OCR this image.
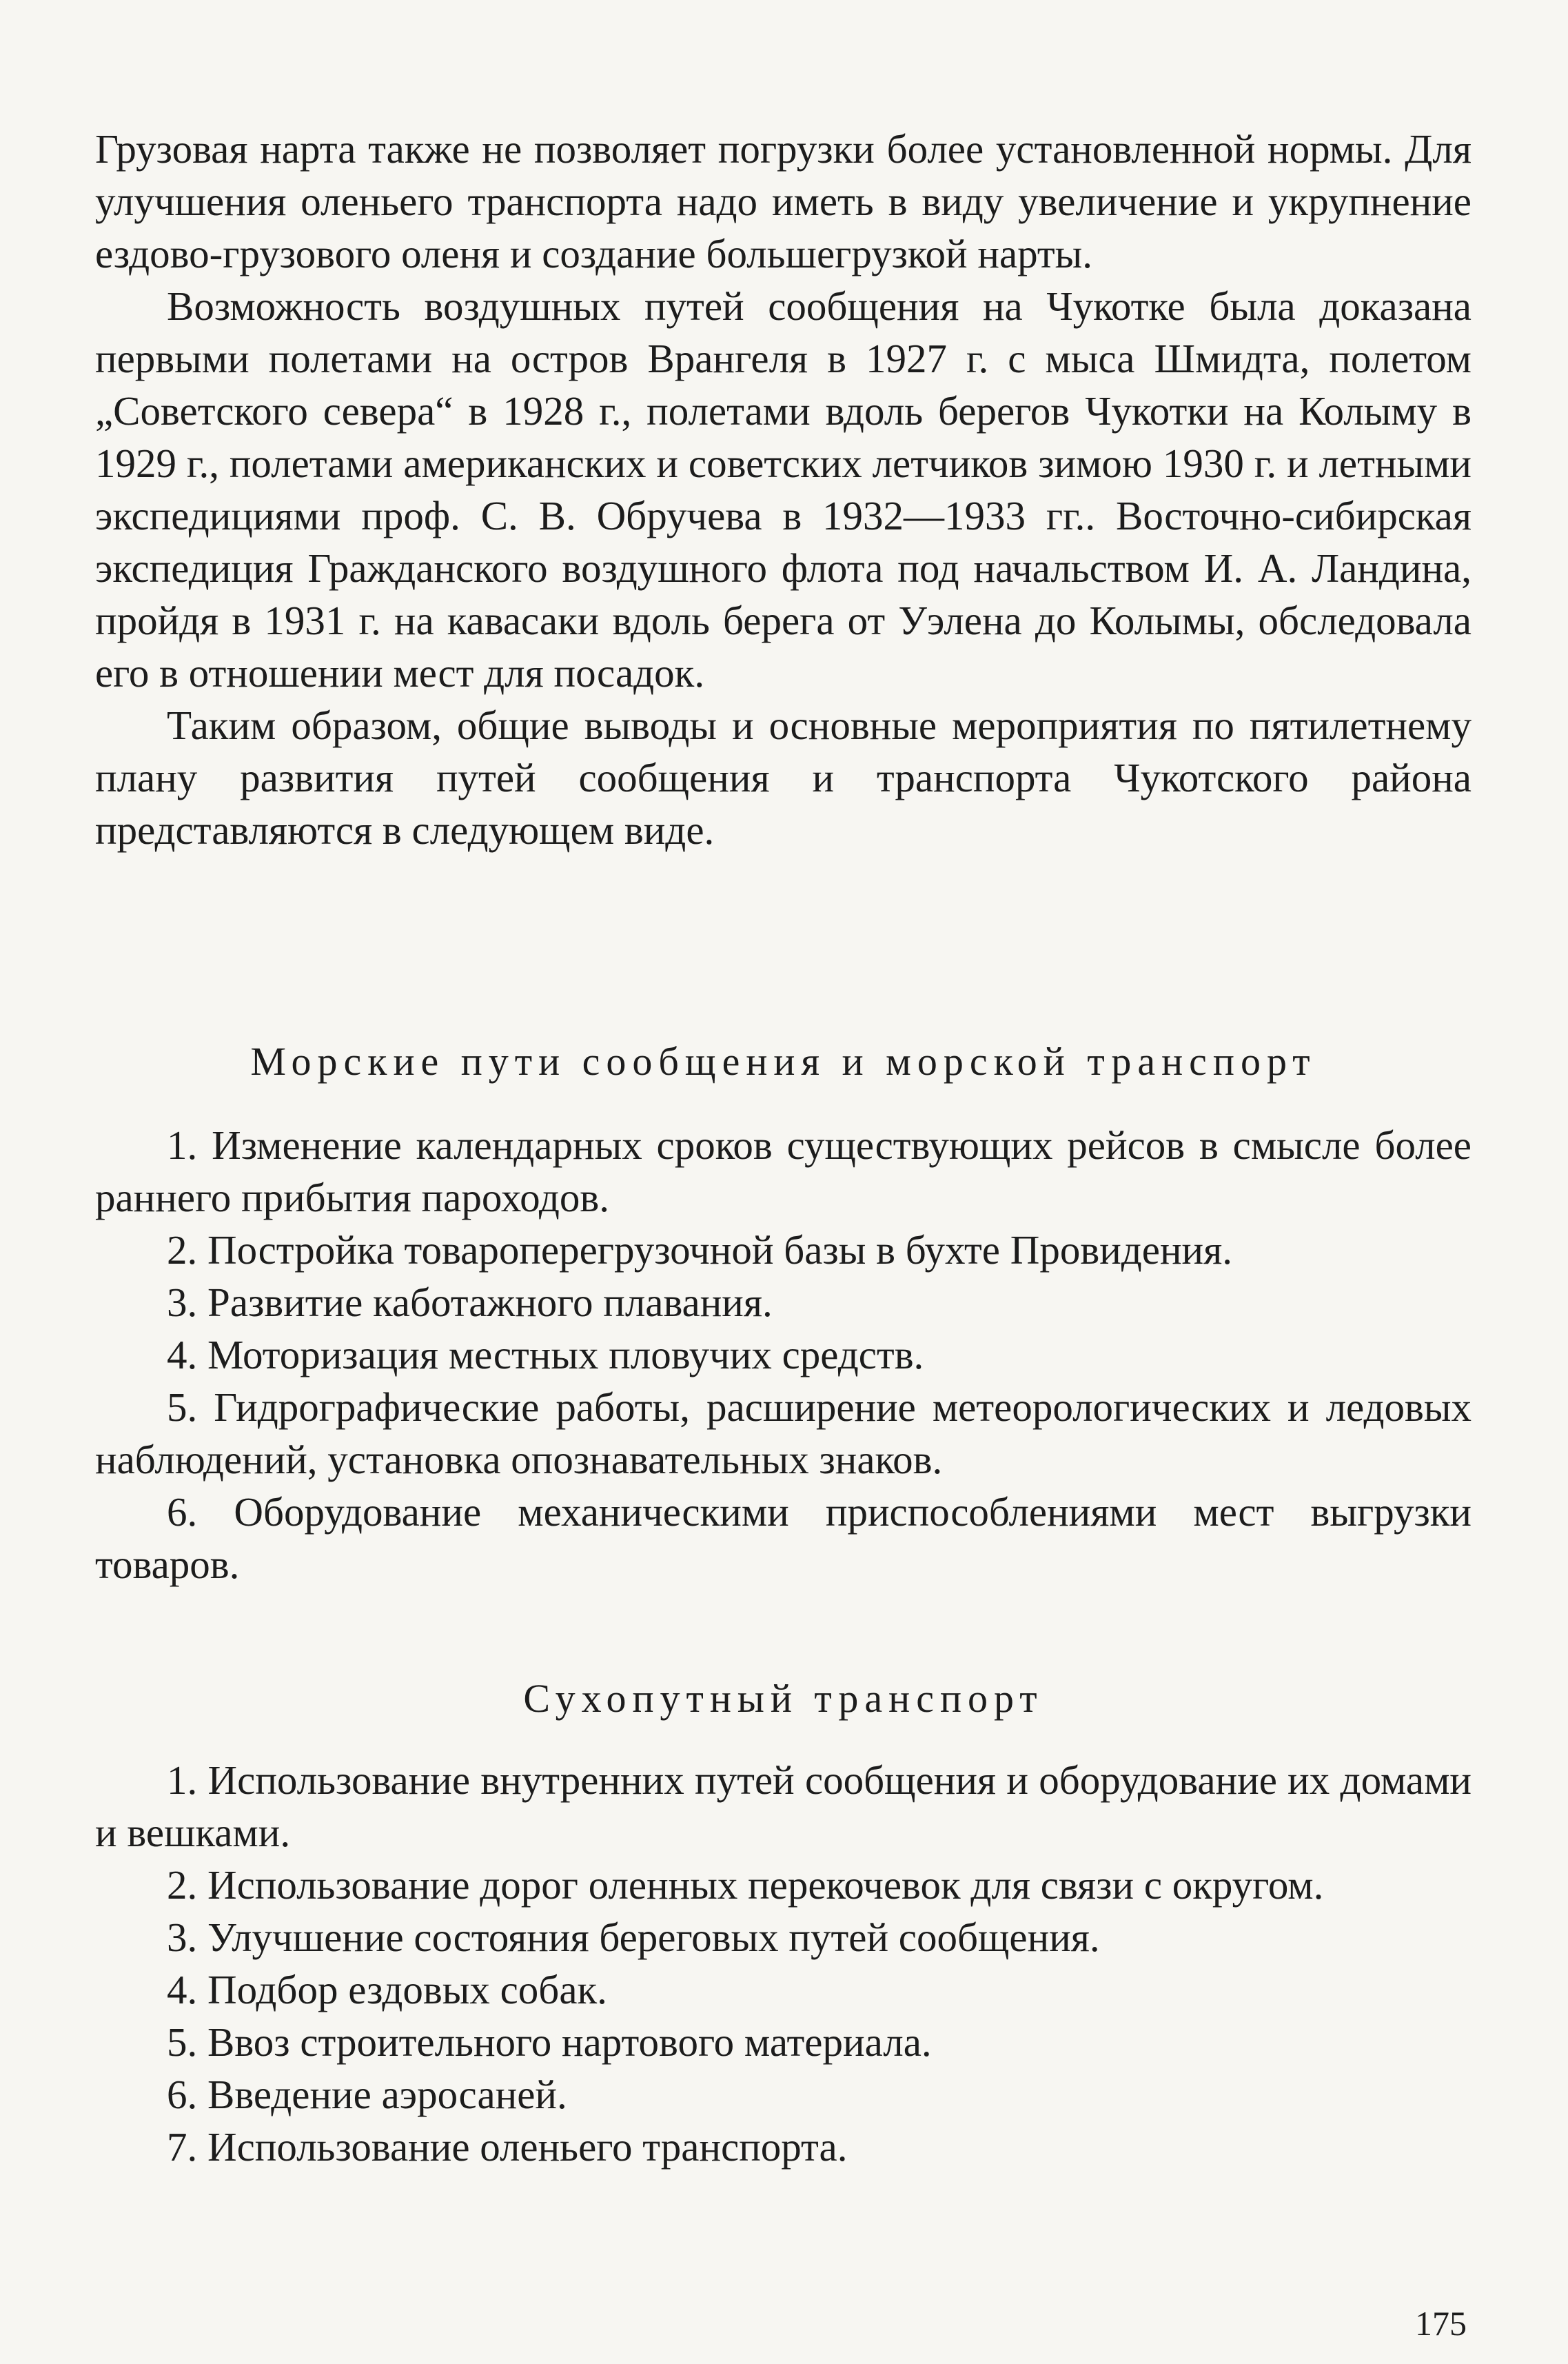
Грузовая нарта также не позволяет погрузки более установленной нормы. Для улучшения оленьего транспорта надо иметь в виду увеличение и укрупнение ездово-грузового оленя и создание большегрузкой нарты.

Возможность воздушных путей сообщения на Чукотке была доказана первыми полетами на остров Врангеля в 1927 г. с мыса Шмидта, полетом „Советского севера“ в 1928 г., полетами вдоль берегов Чукотки на Колыму в 1929 г., полетами американских и советских летчиков зимою 1930 г. и летными экспедициями проф. С. В. Обручева в 1932—1933 гг.. Восточно-сибирская экспедиция Гражданского воздушного флота под начальством И. А. Ландина, пройдя в 1931 г. на кавасаки вдоль берега от Уэлена до Колымы, обследовала его в отношении мест для посадок.

Таким образом, общие выводы и основные мероприятия по пятилетнему плану развития путей сообщения и транспорта Чукотского района представляются в следующем виде.

Морские пути сообщения и морской транспорт

1. Изменение календарных сроков существующих рейсов в смысле более раннего прибытия пароходов.

2. Постройка товароперегрузочной базы в бухте Провидения.

3. Развитие каботажного плавания.

4. Моторизация местных пловучих средств.

5. Гидрографические работы, расширение метеорологических и ледовых наблюдений, установка опознавательных знаков.

6. Оборудование механическими приспособлениями мест выгрузки товаров.

Сухопутный транспорт

1. Использование внутренних путей сообщения и оборудование их домами и вешками.

2. Использование дорог оленных перекочевок для связи с округом.

3. Улучшение состояния береговых путей сообщения.

4. Подбор ездовых собак.

5. Ввоз строительного нартового материала.

6. Введение аэросаней.

7. Использование оленьего транспорта.

175
